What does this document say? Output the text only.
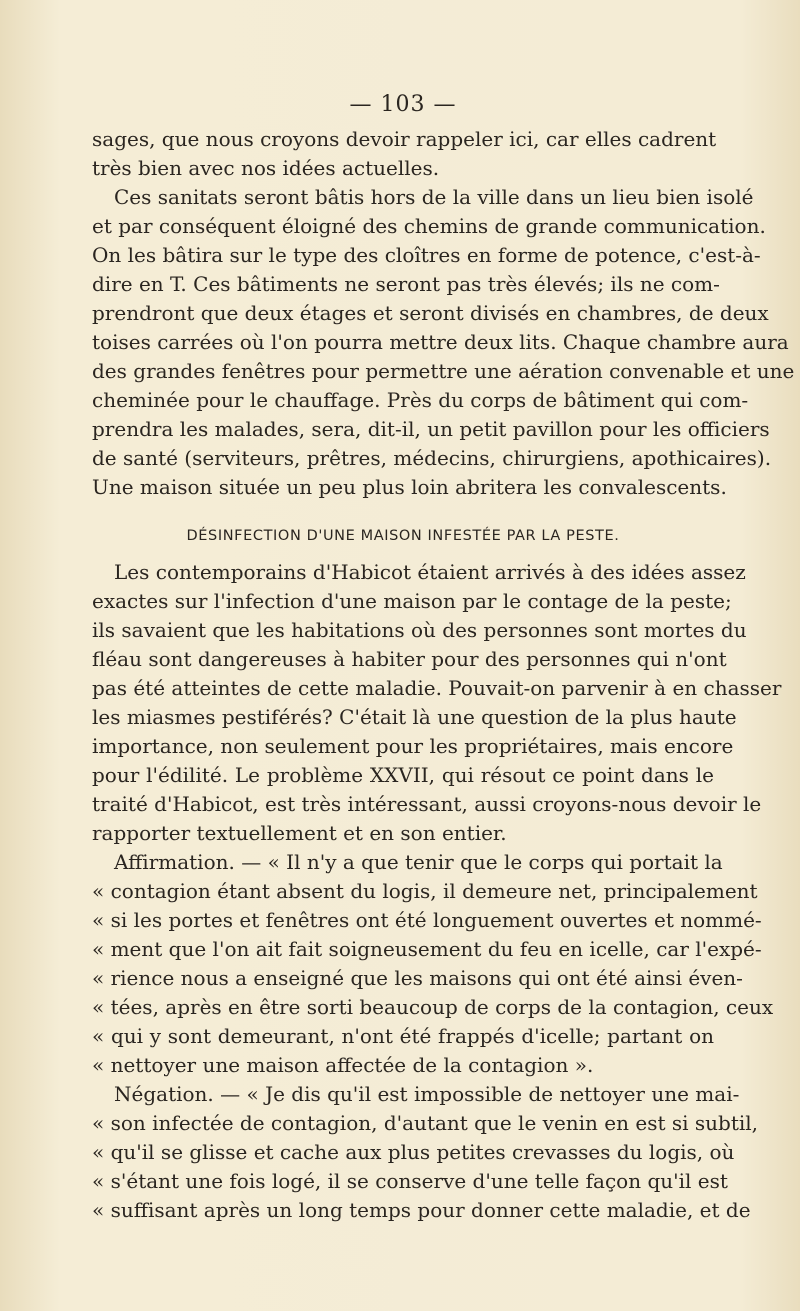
— 103 —
sages, que nous croyons devoir rappeler ici, car elles cadrent
très bien avec nos idées actuelles.
Ces sanitats seront bâtis hors de la ville dans un lieu bien isolé
et par conséquent éloigné des chemins de grande communication.
On les bâtira sur le type des cloîtres en forme de potence, c'est-à-
dire en T. Ces bâtiments ne seront pas très élevés; ils ne com-
prendront que deux étages et seront divisés en chambres, de deux
toises carrées où l'on pourra mettre deux lits. Chaque chambre aura
des grandes fenêtres pour permettre une aération convenable et une
cheminée pour le chauffage. Près du corps de bâtiment qui com-
prendra les malades, sera, dit-il, un petit pavillon pour les officiers
de santé (serviteurs, prêtres, médecins, chirurgiens, apothicaires).
Une maison située un peu plus loin abritera les convalescents.
DÉSINFECTION D'UNE MAISON INFESTÉE PAR LA PESTE.
Les contemporains d'Habicot étaient arrivés à des idées assez
exactes sur l'infection d'une maison par le contage de la peste;
ils savaient que les habitations où des personnes sont mortes du
fléau sont dangereuses à habiter pour des personnes qui n'ont
pas été atteintes de cette maladie. Pouvait-on parvenir à en chasser
les miasmes pestiférés? C'était là une question de la plus haute
importance, non seulement pour les propriétaires, mais encore
pour l'édilité. Le problème XXVII, qui résout ce point dans le
traité d'Habicot, est très intéressant, aussi croyons-nous devoir le
rapporter textuellement et en son entier.
Affirmation. — « Il n'y a que tenir que le corps qui portait la
« contagion étant absent du logis, il demeure net, principalement
« si les portes et fenêtres ont été longuement ouvertes et nommé-
« ment que l'on ait fait soigneusement du feu en icelle, car l'expé-
« rience nous a enseigné que les maisons qui ont été ainsi éven-
« tées, après en être sorti beaucoup de corps de la contagion, ceux
« qui y sont demeurant, n'ont été frappés d'icelle; partant on
« nettoyer une maison affectée de la contagion ».
Négation. — « Je dis qu'il est impossible de nettoyer une mai-
« son infectée de contagion, d'autant que le venin en est si subtil,
« qu'il se glisse et cache aux plus petites crevasses du logis, où
« s'étant une fois logé, il se conserve d'une telle façon qu'il est
« suffisant après un long temps pour donner cette maladie, et de
